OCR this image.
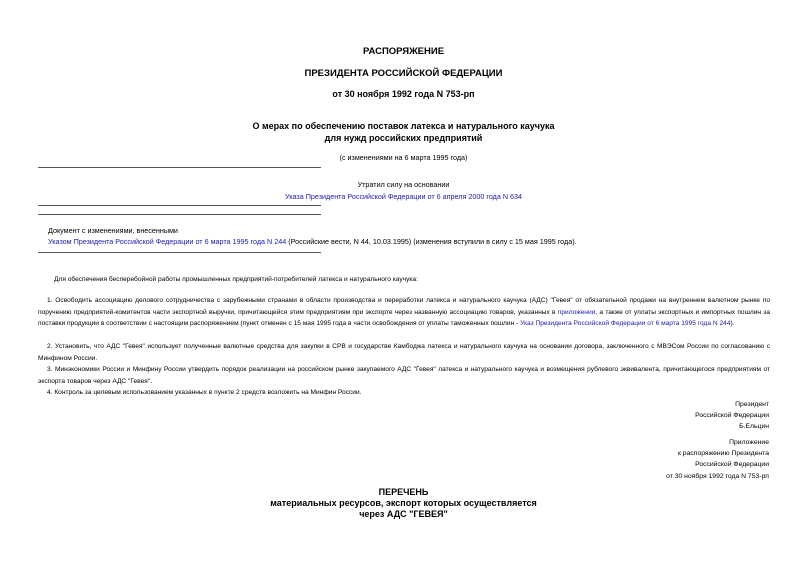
РАСПОРЯЖЕНИЕ
ПРЕЗИДЕНТА РОССИЙСКОЙ ФЕДЕРАЦИИ
от 30 ноября 1992 года N 753-рп
О мерах по обеспечению поставок латекса и натурального каучука
для нужд российских предприятий
(с изменениями на 6 марта 1995 года)
Утратил силу на основании
Указа Президента Российской Федерации от 6 апреля 2000 года N 634
Документ с изменениями, внесенными
Указом Президента Российской Федерации от 6 марта 1995 года N 244 (Российские вести, N 44, 10.03.1995) (изменения вступили в силу с 15 мая 1995 года).
Для обеспечения бесперебойной работы промышленных предприятий-потребителей латекса и натурального каучука:
1. Освободить ассоциацию делового сотрудничества с зарубежными странами в области производства и переработки латекса и натурального каучука (АДС) "Гевея" от обязательной продажи на внутреннем валютном рынке по поручению предприятий-комитентов части экспортной выручки, причитающейся этим предприятиям при экспорте через названную ассоциацию товаров, указанных в приложении, а также от уплаты экспортных и импортных пошлин за поставки продукции в соответствии с настоящим распоряжением (пункт отменен с 15 мая 1995 года в части освобождения от уплаты таможенных пошлин - Указ Президента Российской Федерации от 6 марта 1995 года N 244).
2. Установить, что АДС "Гевея" использует полученные валютные средства для закупки в СРВ и государстве Камбоджа латекса и натурального каучука на основании договора, заключенного с МВЭСом России по согласованию с Минфином России.
3. Минэкономики России и Минфину России утвердить порядок реализации на российском рынке закупаемого АДС "Гевея" латекса и натурального каучука и возмещения рублевого эквивалента, причитающегося предприятиям от экспорта товаров через АДС "Гевея".
4. Контроль за целевым использованием указанных в пункте 2 средств возложить на Минфин России.
Президент
Российской Федерации
Б.Ельцин
Приложение
к распоряжению Президента
Российской Федерации
от 30 ноября 1992 года N 753-рп
ПЕРЕЧЕНЬ
материальных ресурсов, экспорт которых осуществляется
через АДС "ГЕВЕЯ"
